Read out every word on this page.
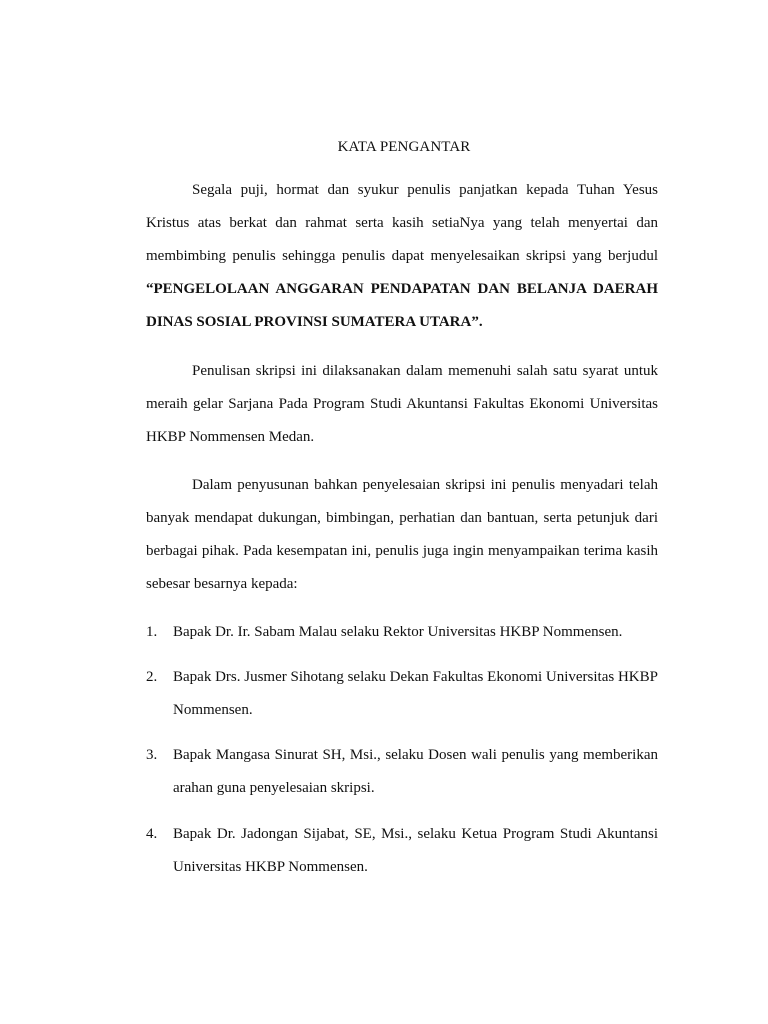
KATA PENGANTAR
Segala puji, hormat dan syukur penulis panjatkan kepada Tuhan Yesus Kristus atas berkat dan rahmat serta kasih setiaNya yang telah menyertai dan membimbing penulis sehingga penulis dapat menyelesaikan skripsi yang berjudul “PENGELOLAAN ANGGARAN PENDAPATAN DAN BELANJA DAERAH DINAS SOSIAL PROVINSI SUMATERA UTARA”.
Penulisan skripsi ini dilaksanakan dalam memenuhi salah satu syarat untuk meraih gelar Sarjana Pada Program Studi Akuntansi Fakultas Ekonomi Universitas HKBP Nommensen Medan.
Dalam penyusunan bahkan penyelesaian skripsi ini penulis menyadari telah banyak mendapat dukungan, bimbingan, perhatian dan bantuan, serta petunjuk dari berbagai pihak. Pada kesempatan ini, penulis juga ingin menyampaikan terima kasih sebesar besarnya kepada:
1.	Bapak Dr. Ir. Sabam Malau selaku Rektor Universitas HKBP Nommensen.
2.	Bapak Drs. Jusmer Sihotang selaku Dekan Fakultas Ekonomi Universitas HKBP Nommensen.
3.	Bapak Mangasa Sinurat SH, Msi., selaku Dosen wali penulis yang memberikan arahan guna penyelesaian skripsi.
4.	Bapak Dr. Jadongan Sijabat, SE, Msi., selaku Ketua Program Studi Akuntansi Universitas HKBP Nommensen.
